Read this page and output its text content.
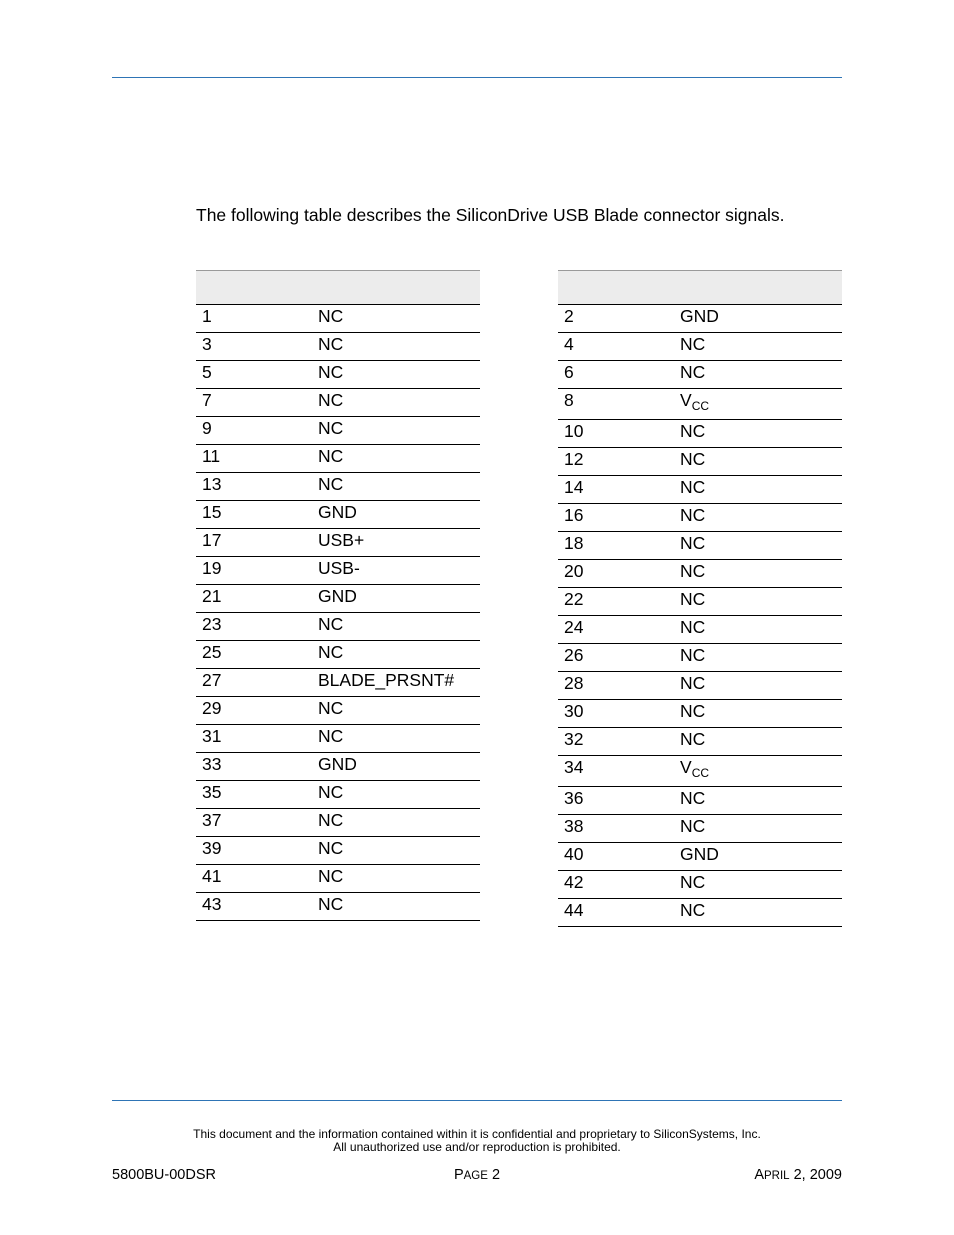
The following table describes the SiliconDrive USB Blade connector signals.

1	NC
3	NC
5	NC
7	NC
9	NC
11	NC
13	NC
15	GND
17	USB+
19	USB-
21	GND
23	NC
25	NC
27	BLADE_PRSNT#
29	NC
31	NC
33	GND
35	NC
37	NC
39	NC
41	NC
43	NC

2	GND
4	NC
6	NC
8	$V_{CC}$
10	NC
12	NC
14	NC
16	NC
18	NC
20	NC
22	NC
24	NC
26	NC
28	NC
30	NC
32	NC
34	$V_{CC}$
36	NC
38	NC
40	GND
42	NC
44	NC
This document and the information contained within it is confidential and proprietary to SiliconSystems, Inc.
All unauthorized use and/or reproduction is prohibited.
5800BU-00DSR	PAGE 2	APRIL 2, 2009
